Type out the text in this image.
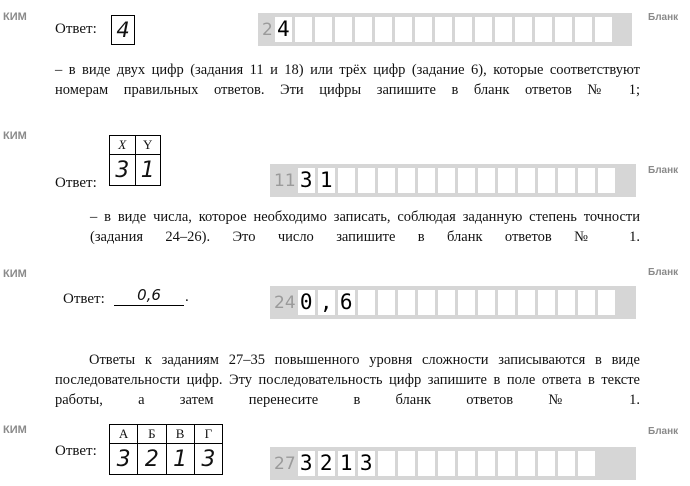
КИМ	Бланк
Ответ: 4	2 4
– в виде двух цифр (задания 11 и 18) или трёх цифр (задание 6), которые соответствуют номерам правильных ответов. Эти цифры запишите в бланк ответов № 1;
КИМ
Бланк
Ответ:
X	Y
3	1	11 3 1
– в виде числа, которое необходимо записать, соблюдая заданную степень точности (задания 24–26). Это число запишите в бланк ответов № 1.
КИМ	Бланк
Ответ:	0,6	.	24 0 , 6
Ответы к заданиям 27–35 повышенного уровня сложности записываются в виде последовательности цифр. Эту последовательность цифр запишите в поле ответа в тексте работы, а затем перенесите в бланк ответов № 1.
КИМ	Бланк
Ответ:
А	Б	В	Г
3	2	1	3	27 3 2 1 3
